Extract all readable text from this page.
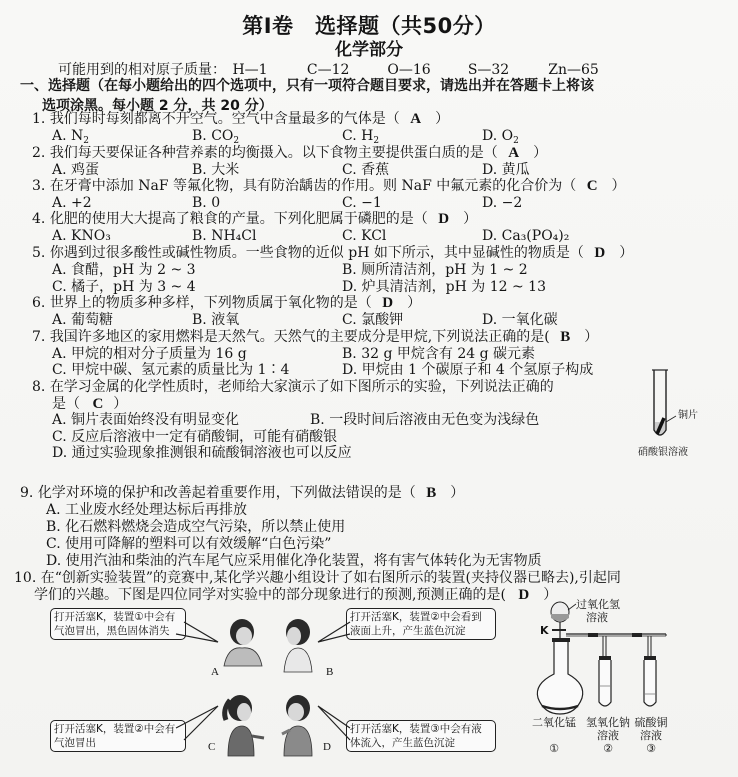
第Ⅰ卷　选择题（共50分）
化学部分
可能用到的相对原子质量： H—1	C—12	O—16	S—32	Zn—65
一、选择题（在每小题给出的四个选项中，只有一项符合题目要求，请选出并在答题卡上将该
选项涂黑。每小题 2 分，共 20 分）
1. 我们每时每刻都离不开空气。空气中含量最多的气体是（ A ）
A. $N_2$	B. $CO_2$	C. $H_2$	D. $O_2$
2. 我们每天要保证各种营养素的均衡摄入。以下食物主要提供蛋白质的是（ A ）
A. 鸡蛋	B. 大米	C. 香蕉	D. 黄瓜
3. 在牙膏中添加 NaF 等氟化物，具有防治龋齿的作用。则 NaF 中氟元素的化合价为（ C ）
A. +2	B. 0	C. −1	D. −2
4. 化肥的使用大大提高了粮食的产量。下列化肥属于磷肥的是（ D ）
A. KNO₃	B. NH₄Cl	C. KCl	D. Ca₃(PO₄)₂
5. 你遇到过很多酸性或碱性物质。一些食物的近似 pH 如下所示，其中显碱性的物质是（ D ）
A. 食醋，pH 为 2 ~ 3	B. 厕所清洁剂，pH 为 1 ~ 2
C. 橘子，pH 为 3 ~ 4	D. 炉具清洁剂，pH 为 12 ~ 13
6. 世界上的物质多种多样，下列物质属于氧化物的是（ D ）
A. 葡萄糖	B. 液氧	C. 氯酸钾	D. 一氧化碳
7. 我国许多地区的家用燃料是天然气。天然气的主要成分是甲烷,下列说法正确的是( B ）
A. 甲烷的相对分子质量为 16 g	B. 32 g 甲烷含有 24 g 碳元素
C. 甲烷中碳、氢元素的质量比为 1∶4	D. 甲烷由 1 个碳原子和 4 个氢原子构成
8. 在学习金属的化学性质时，老师给大家演示了如下图所示的实验，下列说法正确的
是（ C ）
A. 铜片表面始终没有明显变化	B. 一段时间后溶液由无色变为浅绿色
C. 反应后溶液中一定有硝酸铜，可能有硝酸银
D. 通过实验现象推测银和硫酸铜溶液也可以反应
铜片
硝酸银溶液
9. 化学对环境的保护和改善起着重要作用，下列做法错误的是（ B ）
A. 工业废水经处理达标后再排放
B. 化石燃料燃烧会造成空气污染，所以禁止使用
C. 使用可降解的塑料可以有效缓解“白色污染”
D. 使用汽油和柴油的汽车尾气应采用催化净化装置，将有害气体转化为无害物质
10. 在“创新实验装置”的竞赛中,某化学兴趣小组设计了如右图所示的装置(夹持仪器已略去),引起同
学们的兴趣。下图是四位同学对实验中的部分现象进行的预测,预测正确的是( D ）
打开活塞K，装置①中会有气泡冒出，黑色固体消失
打开活塞K，装置②中会看到液面上升，产生蓝色沉淀
打开活塞K，装置②中会有气泡冒出
打开活塞K，装置③中会有液体流入，产生蓝色沉淀
A	B
C	D
过氧化氢
溶液
K
二氧化锰
①
氢氧化钠
溶液
②
硫酸铜
溶液
③
